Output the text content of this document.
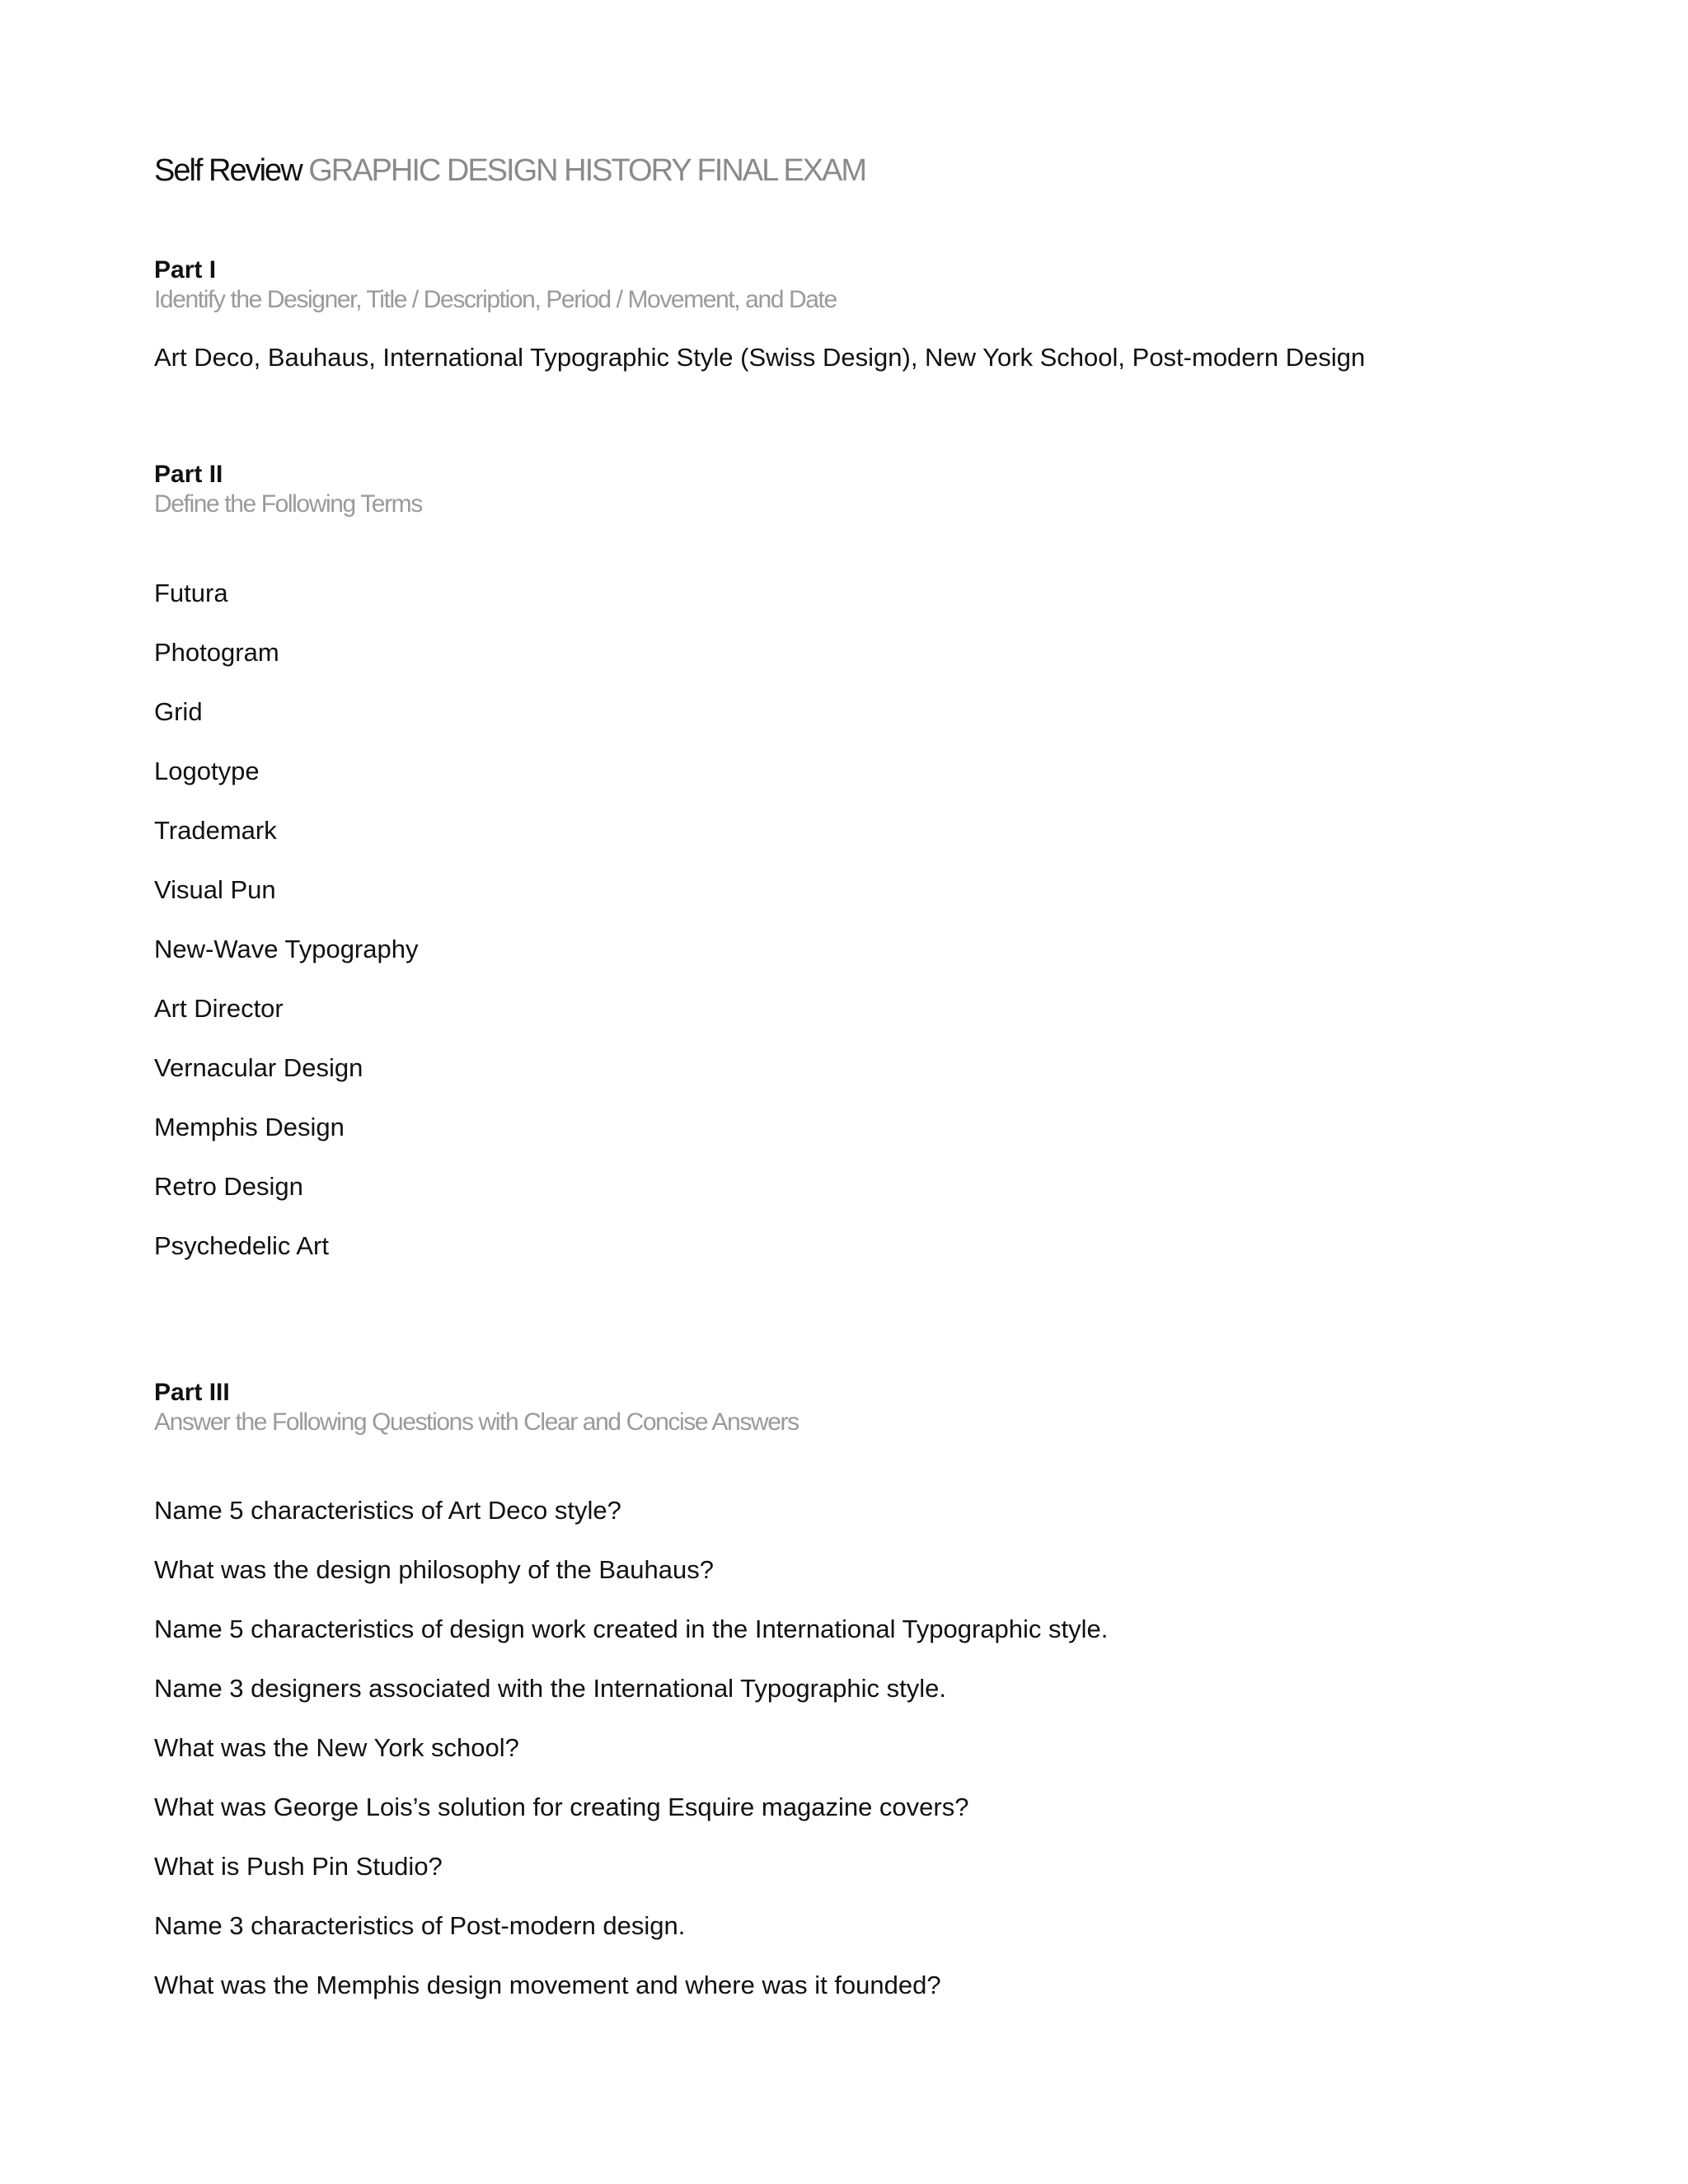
Self Review GRAPHIC DESIGN HISTORY FINAL EXAM
Part I
Identify the Designer, Title / Description, Period / Movement, and Date
Art Deco, Bauhaus, International Typographic Style (Swiss Design), New York School, Post-modern Design
Part II
Define the Following Terms
Futura
Photogram
Grid
Logotype
Trademark
Visual Pun
New-Wave Typography
Art Director
Vernacular Design
Memphis Design
Retro Design
Psychedelic Art
Part III
Answer the Following Questions with Clear and Concise Answers
Name 5 characteristics of Art Deco style?
What was the design philosophy of the Bauhaus?
Name 5 characteristics of design work created in the International Typographic style.
Name 3 designers associated with the International Typographic style.
What was the New York school?
What was George Lois’s solution for creating Esquire magazine covers?
What is Push Pin Studio?
Name 3 characteristics of Post-modern design.
What was the Memphis design movement and where was it founded?
